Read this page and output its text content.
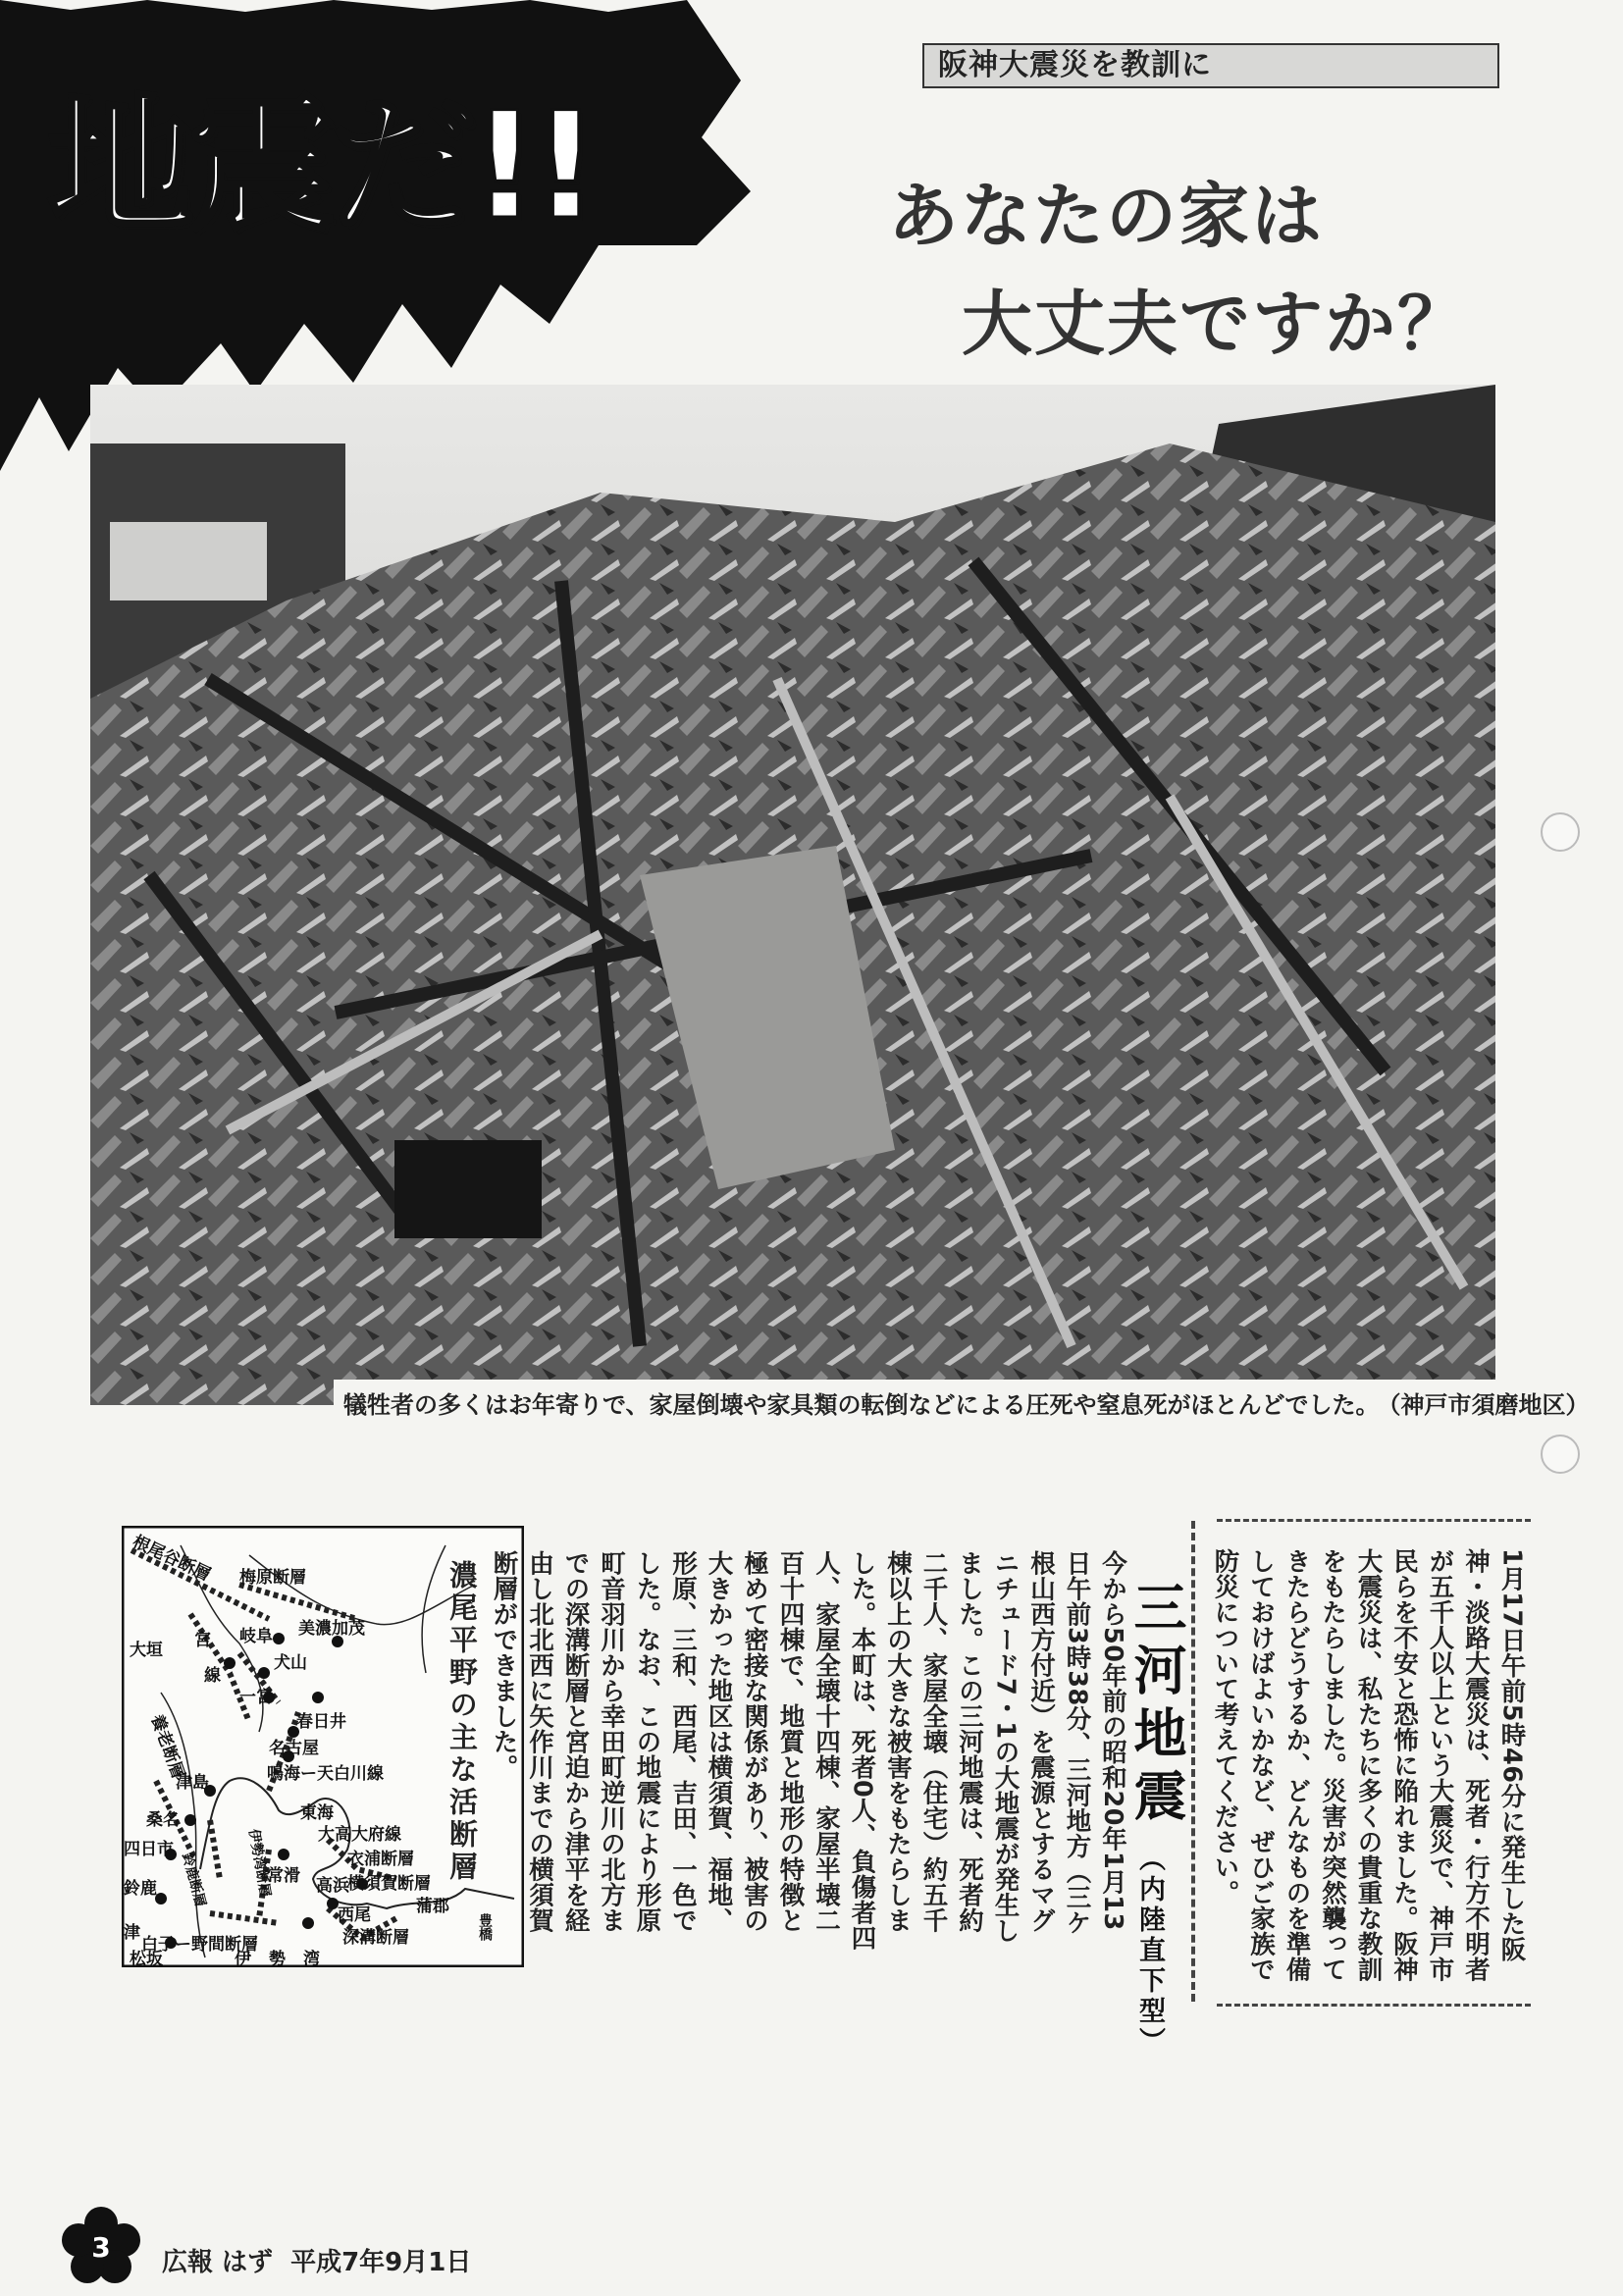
阪神大震災を教訓に
地震だ!!	あなたの家は
大丈夫ですか？
犠牲者の多くはお年寄りで、家屋倒壊や家具類の転倒などによる圧死や窒息死がほとんどでした。 （神戸市須磨地区）
根尾谷断層 梅原断層
美濃加茂
大垣 宮
線
岐阜
犬山
一宮
春日井
養老断層	名古屋
鳴海ー天白川線
津島
桑名	東海
大高大府線
四日市	衣浦断層
鈴鹿	横須賀断層
常滑 高浜
蒲郡
豊橋
西尾
津
白子ー野間断層	深溝断層
伊 勢 湾
松坂
鈴鹿断層	伊勢湾断層	濃尾平野の主な活断層	1月17日午前5時46分に発生した阪神・淡路大震災は、死者・行方不明者が五千人以上という大震災で、神戸市民らを不安と恐怖に陥れました。阪神大震災は、私たちに多くの貴重な教訓をもたらしました。災害が突然襲ってきたらどうするか、どんなものを準備しておけばよいかなど、ぜひご家族で防災について考えてください。
三河地震
（内陸直下型）
今から50年前の昭和20年1月13日午前3時38分、三河地方（三ケ根山西方付近）を震源とするマグニチュード7・1の大地震が発生しました。この三河地震は、死者約二千人、家屋全壊（住宅）約五千棟以上の大きな被害をもたらしました。本町は、死者0人、負傷者四人、家屋全壊十四棟、家屋半壊二百十四棟で、地質と地形の特徴と極めて密接な関係があり、被害の大きかった地区は横須賀、福地、形原、三和、西尾、吉田、一色でした。なお、この地震により形原町音羽川から幸田町逆川の北方までの深溝断層と宮迫から津平を経由し北北西に矢作川までの横須賀断層ができました。
3 広報 はず 平成7年9月1日
